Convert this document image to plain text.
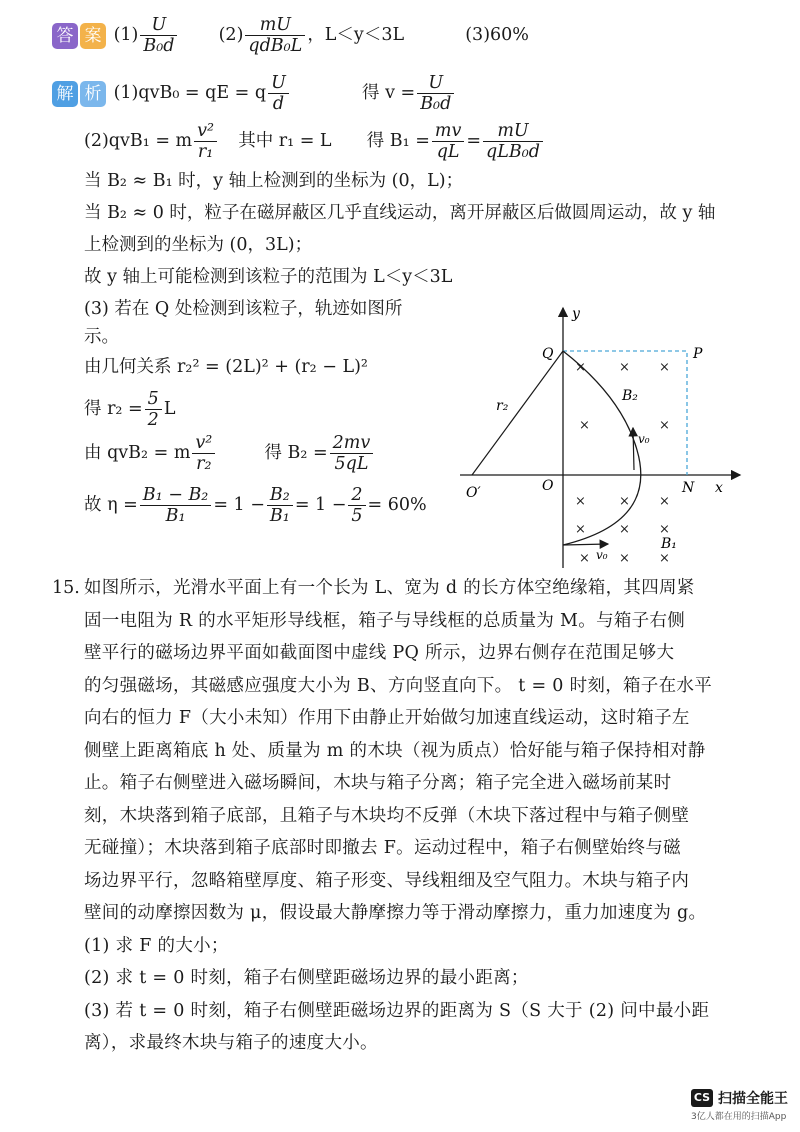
答 案 $(1) \frac{U}{\text{B₀d}} (2) \frac{mU}{\text{qdB₀L}}$ ，L＜y＜3L	(3)60%
解 析 (1)qvB₀ = qE = q $\frac{U}{d}$	得 $v = \frac{U}{\text{B₀d}}$
(2)qvB₁ = m $\frac{\text{v²}}{\text{r₁}}$ 其中 r₁ = L 得 $B_1 = \frac{mv}{qL} = \frac{mU}{\text{qLB₀d}}$
当 B₂ ≈ B₁ 时，y 轴上检测到的坐标为 (0，L)；
当 B₂ ≈ 0 时，粒子在磁屏蔽区几乎直线运动，离开屏蔽区后做圆周运动，故 y 轴
上检测到的坐标为 (0，3L)；
故 y 轴上可能检测到该粒子的范围为 L＜y＜3L
(3) 若在 Q 处检测到该粒子，轨迹如图所
示。
由几何关系 r₂² = (2L)² + (r₂ − L)²
得 $r_2 = \frac{5}{2}$ L
由 qvB₂ = m $\frac{\text{v²}}{\text{r₂}}$	得 $B_2 = \frac{2mv}{5qL}$
故 $\eta = \frac{\text{B₁ − B₂}}{\text{B₁}} = 1 - \frac{\text{B₂}}{\text{B₁}} = 1 - \frac{2}{5} = 60\%$
y
x
O
O′
Q	P
N
r₂
v₀
v₀
B₂
B₁
×	× ×
×	×
×	× ×
×	× ×
× × ×
15. 如图所示，光滑水平面上有一个长为 L、宽为 d 的长方体空绝缘箱，其四周紧
固一电阻为 R 的水平矩形导线框，箱子与导线框的总质量为 M。与箱子右侧
壁平行的磁场边界平面如截面图中虚线 PQ 所示，边界右侧存在范围足够大
的匀强磁场，其磁感应强度大小为 B、方向竖直向下。 t = 0 时刻，箱子在水平
向右的恒力 F（大小未知）作用下由静止开始做匀加速直线运动，这时箱子左
侧壁上距离箱底 h 处、质量为 m 的木块（视为质点）恰好能与箱子保持相对静
止。箱子右侧壁进入磁场瞬间，木块与箱子分离；箱子完全进入磁场前某时
刻，木块落到箱子底部，且箱子与木块均不反弹（木块下落过程中与箱子侧壁
无碰撞）；木块落到箱子底部时即撤去 F。运动过程中，箱子右侧壁始终与磁
场边界平行，忽略箱壁厚度、箱子形变、导线粗细及空气阻力。木块与箱子内
壁间的动摩擦因数为 μ，假设最大静摩擦力等于滑动摩擦力，重力加速度为 g。
(1) 求 F 的大小；
(2) 求 t = 0 时刻，箱子右侧壁距磁场边界的最小距离；
(3) 若 t = 0 时刻，箱子右侧壁距磁场边界的距离为 S（S 大于 (2) 问中最小距
离），求最终木块与箱子的速度大小。
CS 扫描全能王
3亿人都在用的扫描App
